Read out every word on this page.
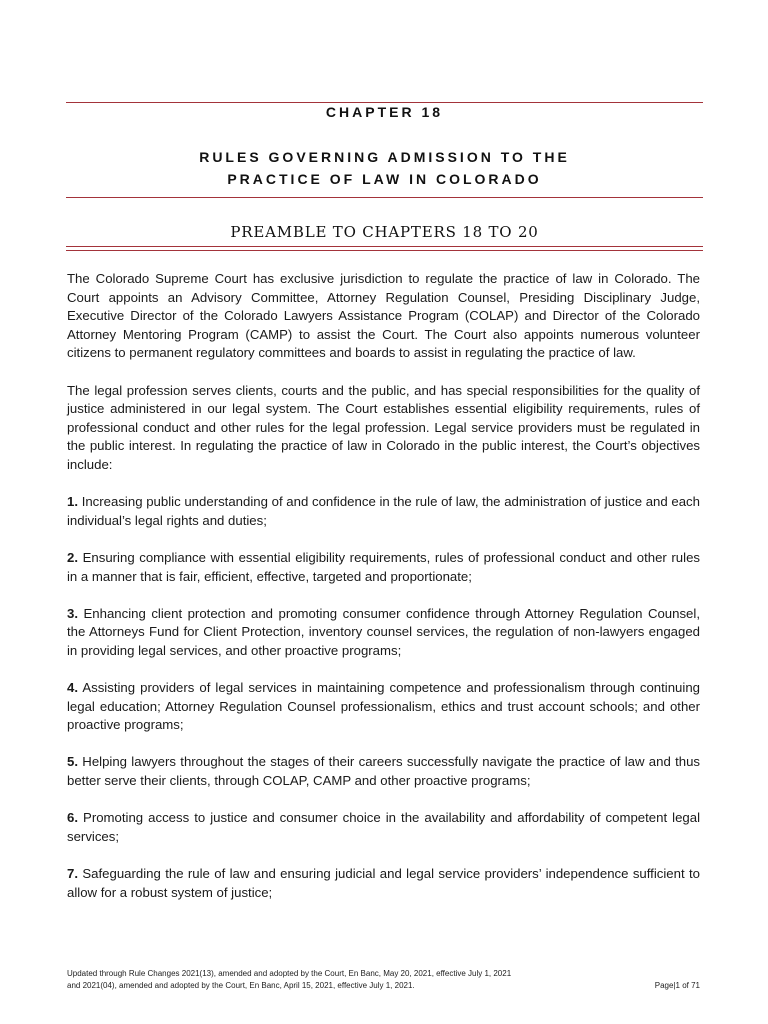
CHAPTER 18
RULES GOVERNING ADMISSION TO THE
PRACTICE OF LAW IN COLORADO
PREAMBLE TO CHAPTERS 18 TO 20

The Colorado Supreme Court has exclusive jurisdiction to regulate the practice of law in Colorado. The Court appoints an Advisory Committee, Attorney Regulation Counsel, Presiding Disciplinary Judge, Executive Director of the Colorado Lawyers Assistance Program (COLAP) and Director of the Colorado Attorney Mentoring Program (CAMP) to assist the Court. The Court also appoints numerous volunteer citizens to permanent regulatory committees and boards to assist in regulating the practice of law.

The legal profession serves clients, courts and the public, and has special responsibilities for the quality of justice administered in our legal system. The Court establishes essential eligibility requirements, rules of professional conduct and other rules for the legal profession. Legal service providers must be regulated in the public interest. In regulating the practice of law in Colorado in the public interest, the Court’s objectives include:

1. Increasing public understanding of and confidence in the rule of law, the administration of justice and each individual’s legal rights and duties;

2. Ensuring compliance with essential eligibility requirements, rules of professional conduct and other rules in a manner that is fair, efficient, effective, targeted and proportionate;

3. Enhancing client protection and promoting consumer confidence through Attorney Regulation Counsel, the Attorneys Fund for Client Protection, inventory counsel services, the regulation of non-lawyers engaged in providing legal services, and other proactive programs;

4. Assisting providers of legal services in maintaining competence and professionalism through continuing legal education; Attorney Regulation Counsel professionalism, ethics and trust account schools; and other proactive programs;

5. Helping lawyers throughout the stages of their careers successfully navigate the practice of law and thus better serve their clients, through COLAP, CAMP and other proactive programs;

6. Promoting access to justice and consumer choice in the availability and affordability of competent legal services;

7. Safeguarding the rule of law and ensuring judicial and legal service providers’ independence sufficient to allow for a robust system of justice;

Updated through Rule Changes 2021(13), amended and adopted by the Court, En Banc, May 20, 2021, effective July 1, 2021
and 2021(04), amended and adopted by the Court, En Banc, April 15, 2021, effective July 1, 2021.	Page|1 of 71
